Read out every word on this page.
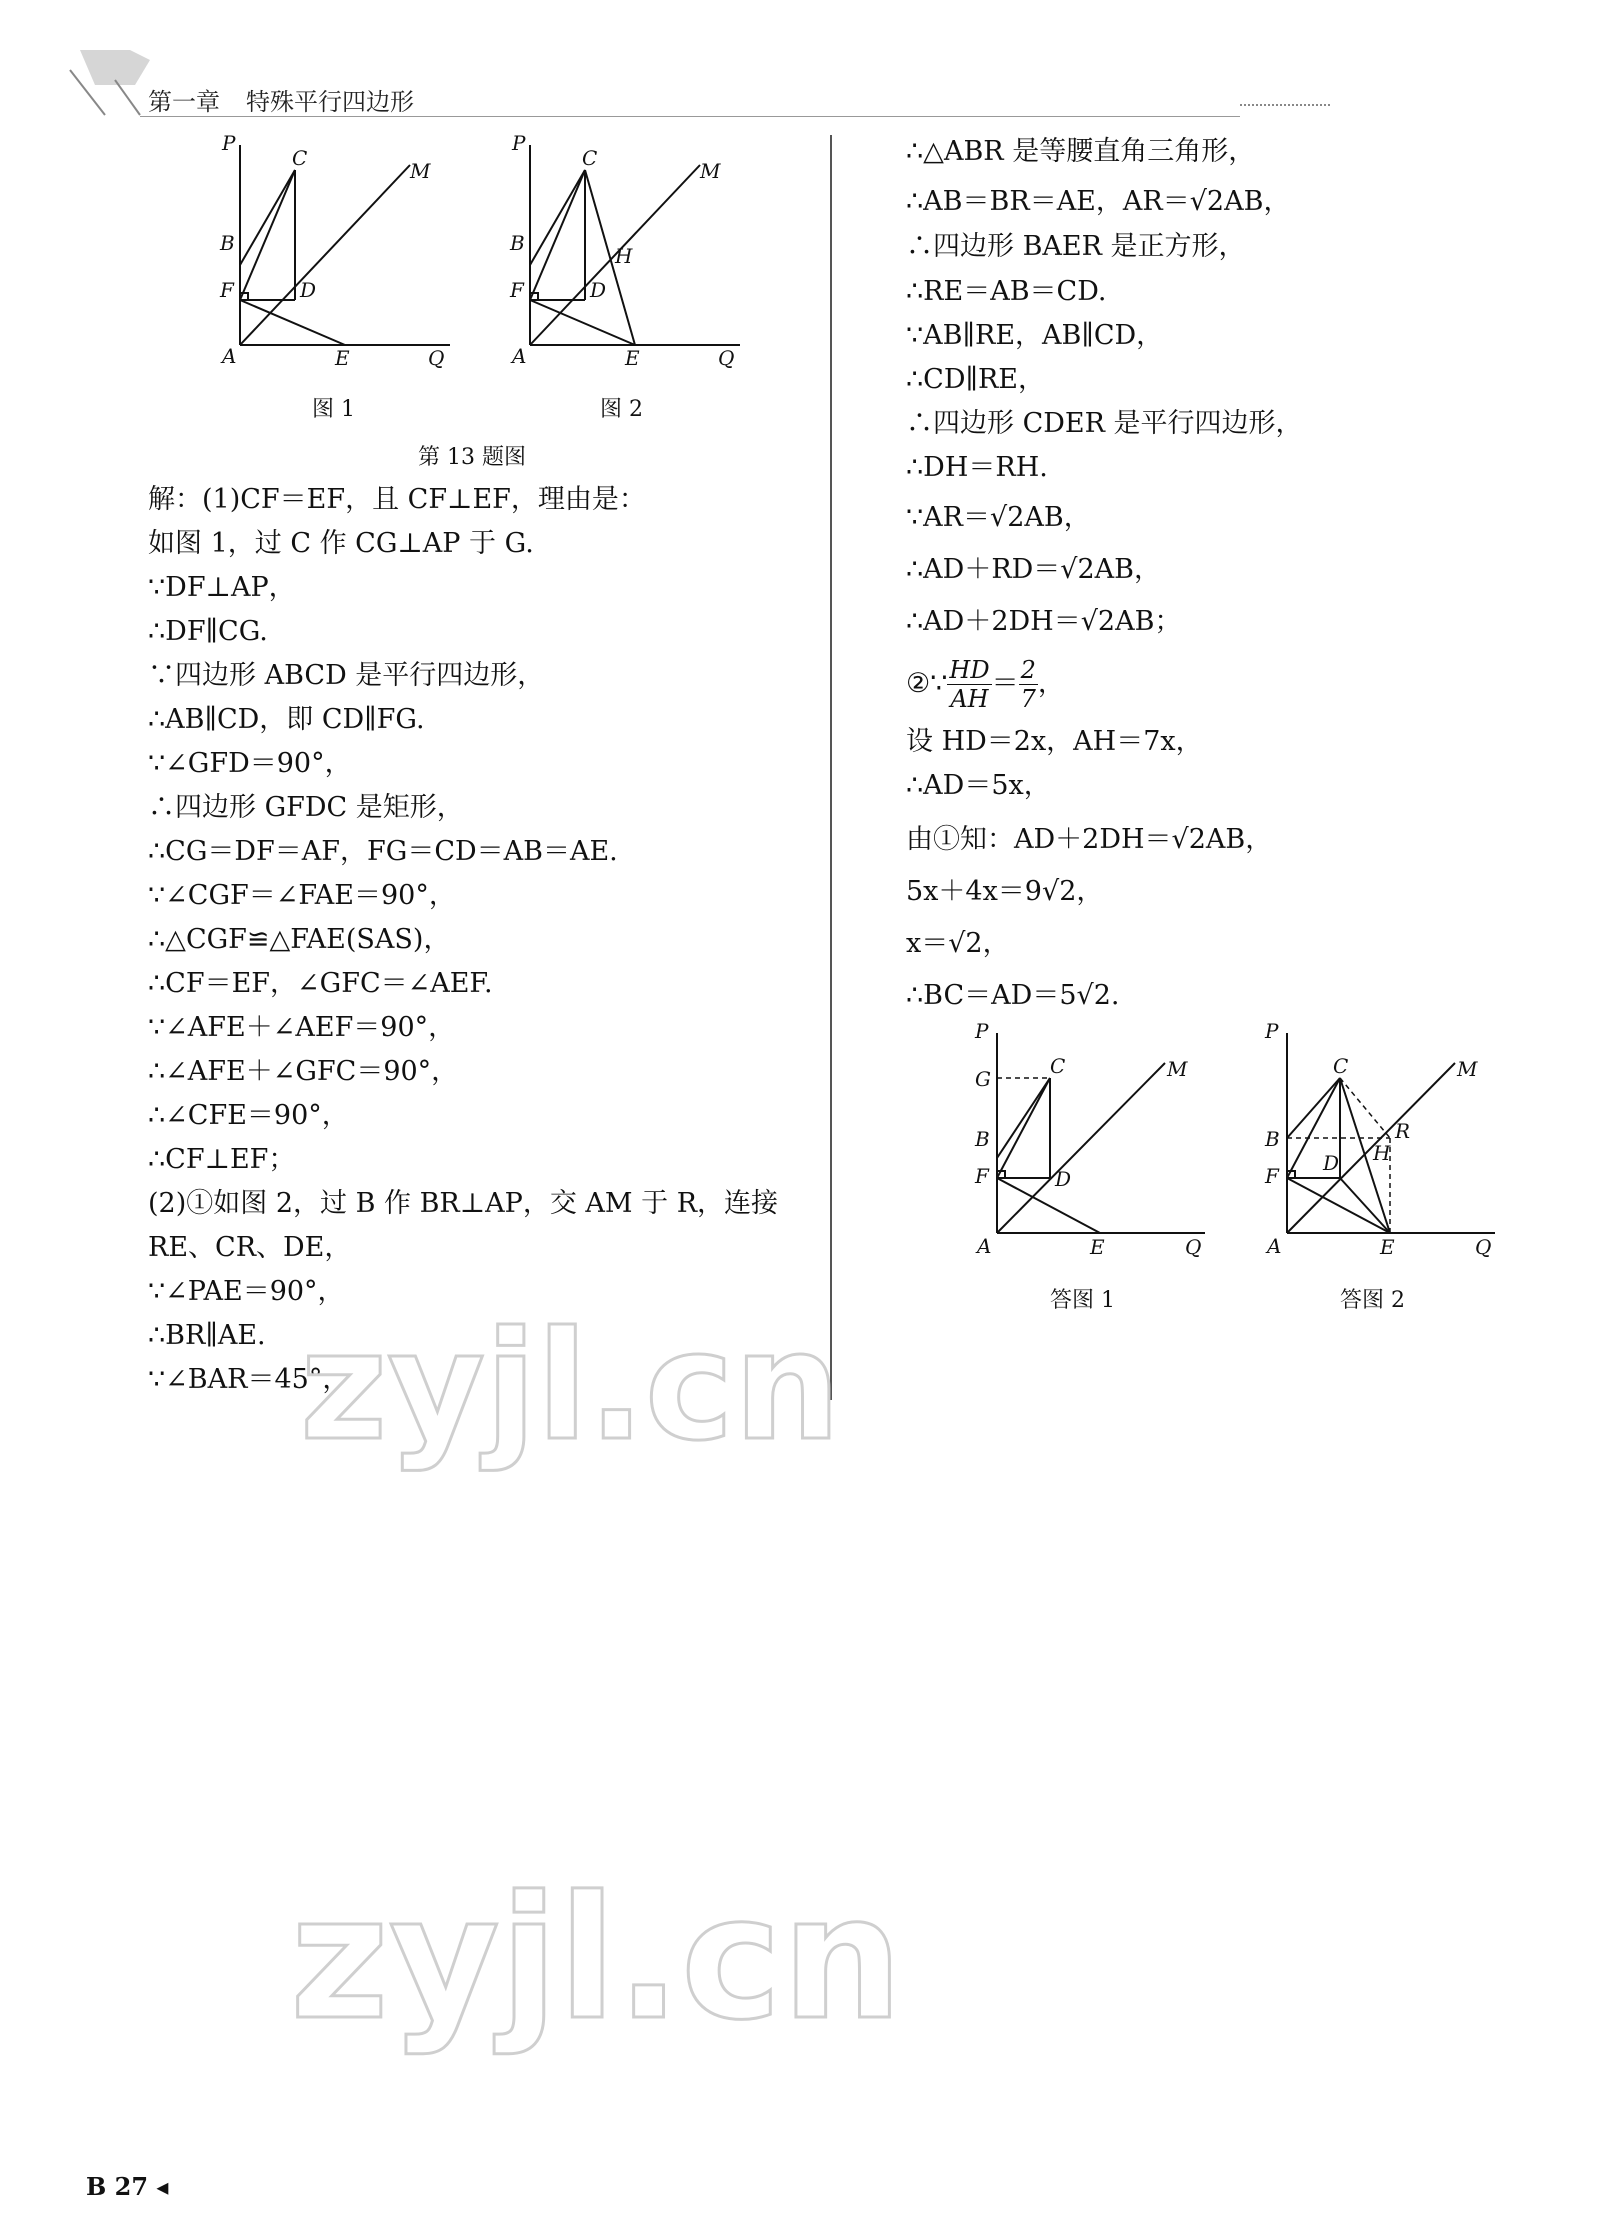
第一章 特殊平行四边形
P
C
M
B
F	D
A	E	Q
图 1
P
C
M
B
H
F	D
A	E	Q
图 2
第 13 题图
解：(1)CF＝EF，且 CF⊥EF，理由是：
如图 1，过 C 作 CG⊥AP 于 G.
∵DF⊥AP，
∴DF∥CG.
∵四边形 ABCD 是平行四边形，
∴AB∥CD，即 CD∥FG.
∵∠GFD＝90°，
∴四边形 GFDC 是矩形，
∴CG＝DF＝AF，FG＝CD＝AB＝AE.
∵∠CGF＝∠FAE＝90°，
∴△CGF≌△FAE(SAS)，
∴CF＝EF，∠GFC＝∠AEF.
∵∠AFE＋∠AEF＝90°，
∴∠AFE＋∠GFC＝90°，
∴∠CFE＝90°，
∴CF⊥EF；
(2)①如图 2，过 B 作 BR⊥AP，交 AM 于 R，连接
RE、CR、DE，
∵∠PAE＝90°，
∴BR∥AE.
∵∠BAR＝45°，
∴△ABR 是等腰直角三角形，
∴AB＝BR＝AE，AR＝√2AB，
∴四边形 BAER 是正方形，
∴RE＝AB＝CD.
∵AB∥RE，AB∥CD，
∴CD∥RE，
∴四边形 CDER 是平行四边形，
∴DH＝RH.
∵AR＝√2AB，
∴AD＋RD＝√2AB，
∴AD＋2DH＝√2AB；
②∵ $\frac{HD}{AH} = \frac{2}{7}$ ，
设 HD＝2x，AH＝7x，
∴AD＝5x，
由①知：AD＋2DH＝√2AB，
5x＋4x＝9√2，
x＝√2，
∴BC＝AD＝5√2.
P
G
C	M
B
F	D
A	E	Q
答图 1
P
C	M
B	R
H
F
D
A	E	Q
答图 2
zyjl.cn
zyjl.cn
B 27 ◂
